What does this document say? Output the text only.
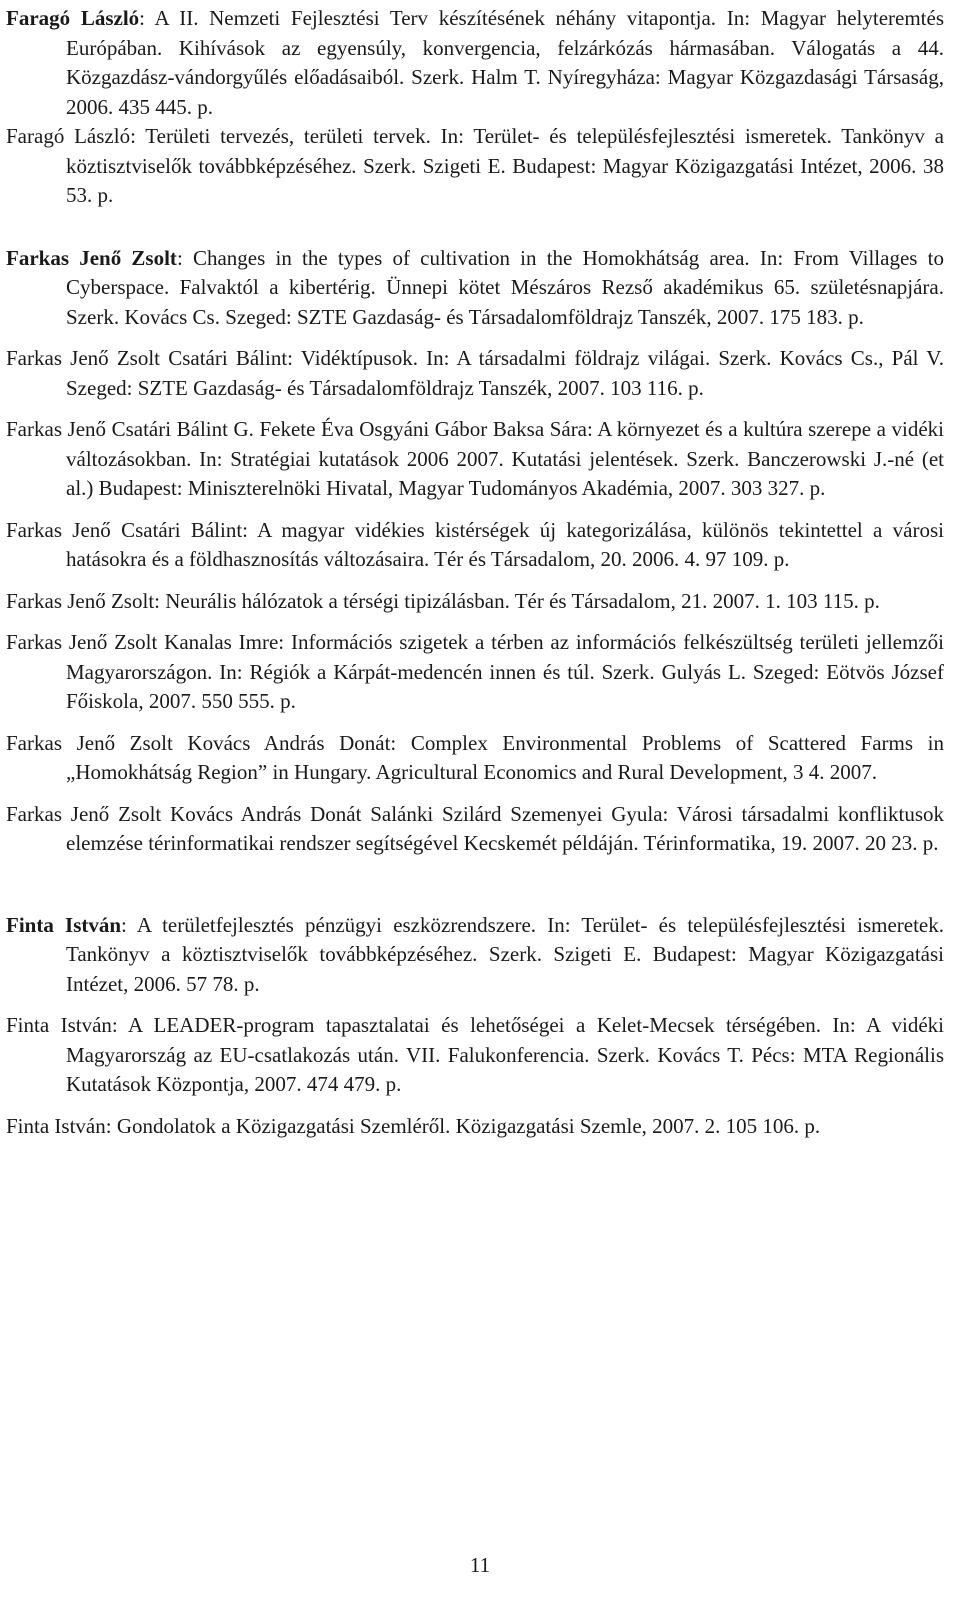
Faragó László: A II. Nemzeti Fejlesztési Terv készítésének néhány vitapontja. In: Magyar helyteremtés Európában. Kihívások az egyensúly, konvergencia, felzárkózás hármasában. Válogatás a 44. Közgazdász-vándorgyűlés előadásaiból. Szerk. Halm T. Nyíregyháza: Magyar Közgazdasági Társaság, 2006. 435 445. p.

Faragó László: Területi tervezés, területi tervek. In: Terület- és településfejlesztési ismeretek. Tankönyv a köztisztviselők továbbképzéséhez. Szerk. Szigeti E. Budapest: Magyar Közigazgatási Intézet, 2006. 38 53. p.

Farkas Jenő Zsolt: Changes in the types of cultivation in the Homokhátság area. In: From Villages to Cyberspace. Falvaktól a kibertérig. Ünnepi kötet Mészáros Rezső akadémikus 65. születésnapjára. Szerk. Kovács Cs. Szeged: SZTE Gazdaság- és Társadalomföldrajz Tanszék, 2007. 175 183. p.

Farkas Jenő Zsolt Csatári Bálint: Vidéktípusok. In: A társadalmi földrajz világai. Szerk. Kovács Cs., Pál V. Szeged: SZTE Gazdaság- és Társadalomföldrajz Tanszék, 2007. 103 116. p.

Farkas Jenő Csatári Bálint G. Fekete Éva Osgyáni Gábor Baksa Sára: A környezet és a kultúra szerepe a vidéki változásokban. In: Stratégiai kutatások 2006 2007. Kutatási jelentések. Szerk. Banczerowski J.-né (et al.) Budapest: Miniszterelnöki Hivatal, Magyar Tudományos Akadémia, 2007. 303 327. p.

Farkas Jenő Csatári Bálint: A magyar vidékies kistérségek új kategorizálása, különös tekintettel a városi hatásokra és a földhasznosítás változásaira. Tér és Társadalom, 20. 2006. 4. 97 109. p.

Farkas Jenő Zsolt: Neurális hálózatok a térségi tipizálásban. Tér és Társadalom, 21. 2007. 1. 103 115. p.

Farkas Jenő Zsolt Kanalas Imre: Információs szigetek a térben az információs felkészültség területi jellemzői Magyarországon. In: Régiók a Kárpát-medencén innen és túl. Szerk. Gulyás L. Szeged: Eötvös József Főiskola, 2007. 550 555. p.

Farkas Jenő Zsolt Kovács András Donát: Complex Environmental Problems of Scattered Farms in „Homokhátság Region” in Hungary. Agricultural Economics and Rural Development, 3 4. 2007.

Farkas Jenő Zsolt Kovács András Donát Salánki Szilárd Szemenyei Gyula: Városi társadalmi konfliktusok elemzése térinformatikai rendszer segítségével Kecskemét példáján. Térinformatika, 19. 2007. 20 23. p.

Finta István: A területfejlesztés pénzügyi eszközrendszere. In: Terület- és településfejlesztési ismeretek. Tankönyv a köztisztviselők továbbképzéséhez. Szerk. Szigeti E. Budapest: Magyar Közigazgatási Intézet, 2006. 57 78. p.

Finta István: A LEADER-program tapasztalatai és lehetőségei a Kelet-Mecsek térségében. In: A vidéki Magyarország az EU-csatlakozás után. VII. Falukonferencia. Szerk. Kovács T. Pécs: MTA Regionális Kutatások Központja, 2007. 474 479. p.

Finta István: Gondolatok a Közigazgatási Szemléről. Közigazgatási Szemle, 2007. 2. 105 106. p.

11
